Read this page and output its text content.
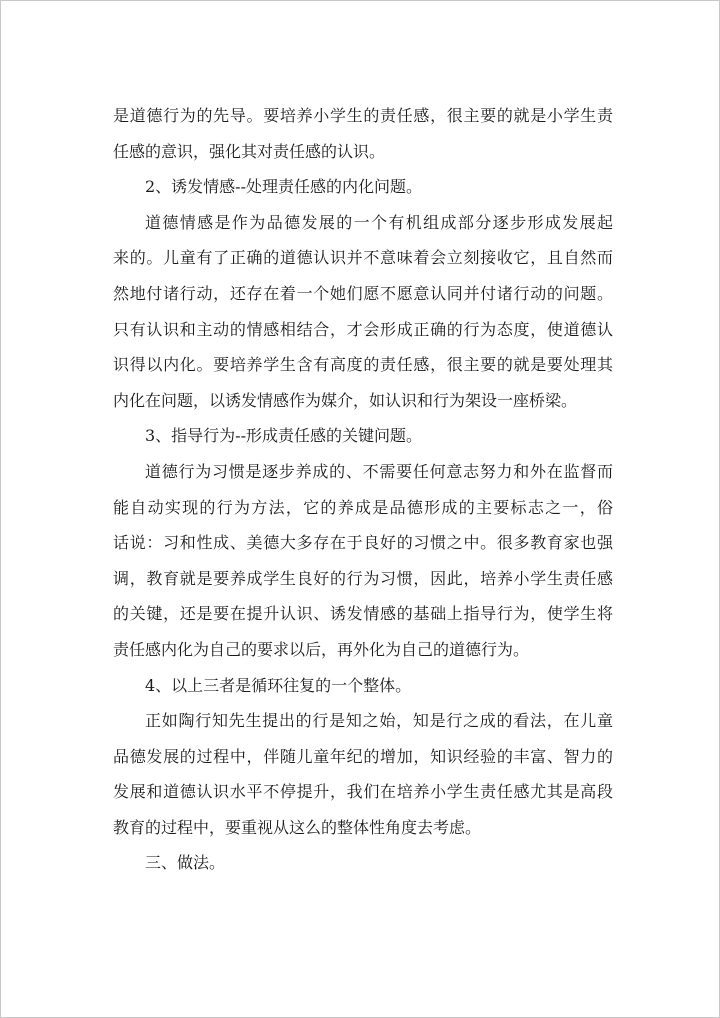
是道德行为的先导。要培养小学生的责任感，很主要的就是小学生责
任感的意识，强化其对责任感的认识。
2、诱发情感--处理责任感的内化问题。
道德情感是作为品德发展的一个有机组成部分逐步形成发展起
来的。儿童有了正确的道德认识并不意味着会立刻接收它，且自然而
然地付诸行动，还存在着一个她们愿不愿意认同并付诸行动的问题。
只有认识和主动的情感相结合，才会形成正确的行为态度，使道德认
识得以内化。要培养学生含有高度的责任感，很主要的就是要处理其
内化在问题，以诱发情感作为媒介，如认识和行为架设一座桥梁。
3、指导行为--形成责任感的关键问题。
道德行为习惯是逐步养成的、不需要任何意志努力和外在监督而
能自动实现的行为方法，它的养成是品德形成的主要标志之一，俗
话说：习和性成、美德大多存在于良好的习惯之中。很多教育家也强
调，教育就是要养成学生良好的行为习惯，因此，培养小学生责任感
的关键，还是要在提升认识、诱发情感的基础上指导行为，使学生将
责任感内化为自己的要求以后，再外化为自己的道德行为。
4、以上三者是循环往复的一个整体。
正如陶行知先生提出的行是知之始，知是行之成的看法，在儿童
品德发展的过程中，伴随儿童年纪的增加，知识经验的丰富、智力的
发展和道德认识水平不停提升，我们在培养小学生责任感尤其是高段
教育的过程中，要重视从这么的整体性角度去考虑。
三、做法。
